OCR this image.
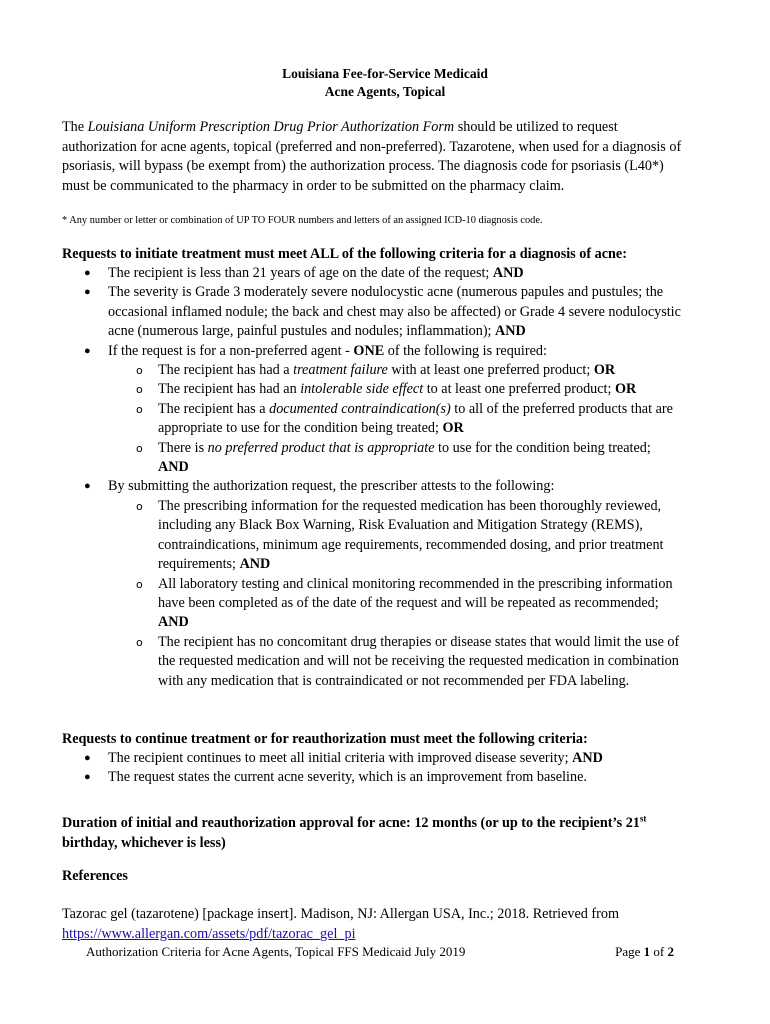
Louisiana Fee-for-Service Medicaid
Acne Agents, Topical
The Louisiana Uniform Prescription Drug Prior Authorization Form should be utilized to request authorization for acne agents, topical (preferred and non-preferred). Tazarotene, when used for a diagnosis of psoriasis, will bypass (be exempt from) the authorization process. The diagnosis code for psoriasis (L40*) must be communicated to the pharmacy in order to be submitted on the pharmacy claim.
* Any number or letter or combination of UP TO FOUR numbers and letters of an assigned ICD-10 diagnosis code.
Requests to initiate treatment must meet ALL of the following criteria for a diagnosis of acne:
● The recipient is less than 21 years of age on the date of the request; AND
● The severity is Grade 3 moderately severe nodulocystic acne (numerous papules and pustules; the occasional inflamed nodule; the back and chest may also be affected) or Grade 4 severe nodulocystic acne (numerous large, painful pustules and nodules; inflammation); AND
● If the request is for a non-preferred agent - ONE of the following is required:
o The recipient has had a treatment failure with at least one preferred product; OR
o The recipient has had an intolerable side effect to at least one preferred product; OR
o The recipient has a documented contraindication(s) to all of the preferred products that are appropriate to use for the condition being treated; OR
o There is no preferred product that is appropriate to use for the condition being treated; AND
● By submitting the authorization request, the prescriber attests to the following:
o The prescribing information for the requested medication has been thoroughly reviewed, including any Black Box Warning, Risk Evaluation and Mitigation Strategy (REMS), contraindications, minimum age requirements, recommended dosing, and prior treatment requirements; AND
o All laboratory testing and clinical monitoring recommended in the prescribing information have been completed as of the date of the request and will be repeated as recommended; AND
o The recipient has no concomitant drug therapies or disease states that would limit the use of the requested medication and will not be receiving the requested medication in combination with any medication that is contraindicated or not recommended per FDA labeling.
Requests to continue treatment or for reauthorization must meet the following criteria:
● The recipient continues to meet all initial criteria with improved disease severity; AND
● The request states the current acne severity, which is an improvement from baseline.
Duration of initial and reauthorization approval for acne: 12 months (or up to the recipient’s 21st birthday, whichever is less)
References
Tazorac gel (tazarotene) [package insert]. Madison, NJ: Allergan USA, Inc.; 2018. Retrieved from https://www.allergan.com/assets/pdf/tazorac_gel_pi
Authorization Criteria for Acne Agents, Topical FFS Medicaid July 2019	Page 1 of 2
